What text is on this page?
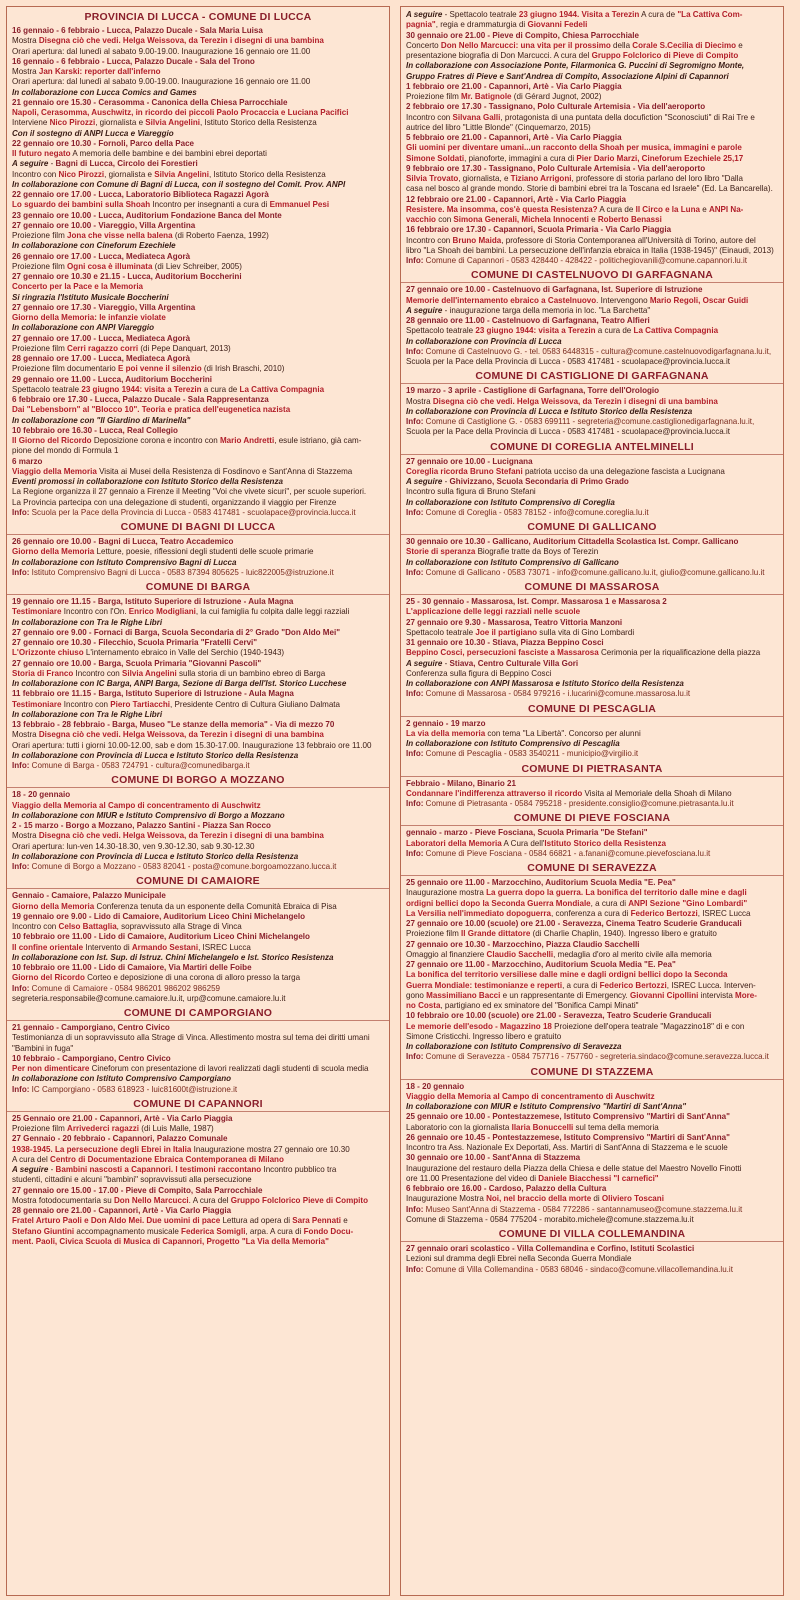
PROVINCIA DI LUCCA - COMUNE DI LUCCA

16 gennaio - 6 febbraio - Lucca, Palazzo Ducale - Sala Maria Luisa

Mostra Disegna ciò che vedi. Helga Weissova, da Terezin i disegni di una bambina

Orari apertura: dal lunedì al sabato 9.00-19.00. Inaugurazione 16 gennaio ore 11.00

16 gennaio - 6 febbraio - Lucca, Palazzo Ducale - Sala del Trono

Mostra Jan Karski: reporter dall'inferno

Orari apertura: dal lunedì al sabato 9.00-19.00. Inaugurazione 16 gennaio ore 11.00

In collaborazione con Lucca Comics and Games

21 gennaio ore 15.30 - Cerasomma - Canonica della Chiesa Parrocchiale

Napoli, Cerasomma, Auschwitz, in ricordo dei piccoli Paolo Procaccia e Luciana Pacifici

Interviene Nico Pirozzi, giornalista e Silvia Angelini, Istituto Storico della Resistenza

Con il sostegno di ANPI Lucca e Viareggio

22 gennaio ore 10.30 - Fornoli, Parco della Pace

Il futuro negato A memoria delle bambine e dei bambini ebrei deportati

A seguire - Bagni di Lucca, Circolo dei Forestieri

Incontro con Nico Pirozzi, giornalista e Silvia Angelini, Istituto Storico della Resistenza

In collaborazione con Comune di Bagni di Lucca, con il sostegno del Comit. Prov. ANPI

22 gennaio ore 17.00 - Lucca, Laboratorio Biblioteca Ragazzi Agorà

Lo sguardo dei bambini sulla Shoah Incontro per insegnanti a cura di Emmanuel Pesi

23 gennaio ore 10.00 - Lucca, Auditorium Fondazione Banca del Monte

27 gennaio ore 10.00 - Viareggio, Villa Argentina

Proiezione film Jona che visse nella balena (di Roberto Faenza, 1992)

In collaborazione con Cineforum Ezechiele

26 gennaio ore 17.00 - Lucca, Mediateca Agorà

Proiezione film Ogni cosa è illuminata (di Liev Schreiber, 2005)

27 gennaio ore 10.30 e 21.15 - Lucca, Auditorium Boccherini

Concerto per la Pace e la Memoria

Si ringrazia l'Istituto Musicale Boccherini

27 gennaio ore 17.30 - Viareggio, Villa Argentina

Giorno della Memoria: le infanzie violate

In collaborazione con ANPI Viareggio

27 gennaio ore 17.00 - Lucca, Mediateca Agorà

Proiezione film Cerri ragazzo corri (di Pepe Danquart, 2013)

28 gennaio ore 17.00 - Lucca, Mediateca Agorà

Proiezione film documentario E poi venne il silenzio (di Irish Braschi, 2010)

29 gennaio ore 11.00 - Lucca, Auditorium Boccherini

Spettacolo teatrale 23 giugno 1944: visita a Terezin a cura de La Cattiva Compagnia

6 febbraio ore 17.30 - Lucca, Palazzo Ducale - Sala Rappresentanza

Dai "Lebensborn" al "Blocco 10". Teoria e pratica dell'eugenetica nazista

In collaborazione con "Il Giardino di Marinella"

10 febbraio ore 16.30 - Lucca, Real Collegio

Il Giorno del Ricordo Deposizione corona e incontro con Mario Andretti, esule istriano, già cam-

pione del mondo di Formula 1

6 marzo

Viaggio della Memoria Visita ai Musei della Resistenza di Fosdinovo e Sant'Anna di Stazzema

Eventi promossi in collaborazione con Istituto Storico della Resistenza

La Regione organizza il 27 gennaio a Firenze il Meeting "Voi che vivete sicuri", per scuole superiori.

La Provincia partecipa con una delegazione di studenti, organizzando il viaggio per Firenze

Info: Scuola per la Pace della Provincia di Lucca - 0583 417481 - scuolapace@provincia.lucca.it

COMUNE DI BAGNI DI LUCCA

26 gennaio ore 10.00 - Bagni di Lucca, Teatro Accademico

Giorno della Memoria Letture, poesie, riflessioni degli studenti delle scuole primarie

In collaborazione con Istituto Comprensivo Bagni di Lucca

Info: Istituto Comprensivo Bagni di Lucca - 0583 87394 805625 - luic822005@istruzione.it

COMUNE DI BARGA

19 gennaio ore 11.15 - Barga, Istituto Superiore di Istruzione - Aula Magna

Testimoniare Incontro con l'On. Enrico Modigliani, la cui famiglia fu colpita dalle leggi razziali

In collaborazione con Tra le Righe Libri

27 gennaio ore 9.00 - Fornaci di Barga, Scuola Secondaria di 2° Grado "Don Aldo Mei"

27 gennaio ore 10.30 - Filecchio, Scuola Primaria "Fratelli Cervi"

L'Orizzonte chiuso L'internamento ebraico in Valle del Serchio (1940-1943)

27 gennaio ore 10.00 - Barga, Scuola Primaria "Giovanni Pascoli"

Storia di Franco Incontro con Silvia Angelini sulla storia di un bambino ebreo di Barga

In collaborazione con IC Barga, ANPI Barga, Sezione di Barga dell'Ist. Storico Lucchese

11 febbraio ore 11.15 - Barga, Istituto Superiore di Istruzione - Aula Magna

Testimoniare Incontro con Piero Tartiacchi, Presidente Centro di Cultura Giuliano Dalmata

In collaborazione con Tra le Righe Libri

13 febbraio - 28 febbraio - Barga, Museo "Le stanze della memoria" - Via di mezzo 70

Mostra Disegna ciò che vedi. Helga Weissova, da Terezin i disegni di una bambina

Orari apertura: tutti i giorni 10.00-12.00, sab e dom 15.30-17.00. Inaugurazione 13 febbraio ore 11.00

In collaborazione con Provincia di Lucca e Istituto Storico della Resistenza

Info: Comune di Barga - 0583 724791 - cultura@comunedibarga.it

COMUNE DI BORGO A MOZZANO

18 - 20 gennaio

Viaggio della Memoria al Campo di concentramento di Auschwitz

In collaborazione con MIUR e Istituto Comprensivo di Borgo a Mozzano

2 - 15 marzo - Borgo a Mozzano, Palazzo Santini - Piazza San Rocco

Mostra Disegna ciò che vedi. Helga Weissova, da Terezin i disegni di una bambina

Orari apertura: lun-ven 14.30-18.30, ven 9.30-12.30, sab 9.30-12.30

In collaborazione con Provincia di Lucca e Istituto Storico della Resistenza

Info: Comune di Borgo a Mozzano - 0583 82041 - posta@comune.borgoamozzano.lucca.it

COMUNE DI CAMAIORE

Gennaio - Camaiore, Palazzo Municipale

Giorno della Memoria Conferenza tenuta da un esponente della Comunità Ebraica di Pisa

19 gennaio ore 9.00 - Lido di Camaiore, Auditorium Liceo Chini Michelangelo

Incontro con Celso Battaglia, sopravvissuto alla Strage di Vinca

10 febbraio ore 11.00 - Lido di Camaiore, Auditorium Liceo Chini Michelangelo

Il confine orientale Intervento di Armando Sestani, ISREC Lucca

In collaborazione con Ist. Sup. di Istruz. Chini Michelangelo e Ist. Storico Resistenza

10 febbraio ore 11.00 - Lido di Camaiore, Via Martiri delle Foibe

Giorno del Ricordo Corteo e deposizione di una corona di alloro presso la targa

Info: Comune di Camaiore - 0584 986201 986202 986259

segreteria.responsabile@comune.camaiore.lu.it, urp@comune.camaiore.lu.it

COMUNE DI CAMPORGIANO

21 gennaio - Camporgiano, Centro Civico

Testimonianza di un sopravvissuto alla Strage di Vinca. Allestimento mostra sul tema dei diritti umani

"Bambini in fuga"

10 febbraio - Camporgiano, Centro Civico

Per non dimenticare Cineforum con presentazione di lavori realizzati dagli studenti di scuola media

In collaborazione con Istituto Comprensivo Camporgiano

Info: IC Camporgiano - 0583 618923 - luic81600t@istruzione.it

COMUNE DI CAPANNORI

25 Gennaio ore 21.00 - Capannori, Artè - Via Carlo Piaggia

Proiezione film Arrivederci ragazzi (di Luis Malle, 1987)

27 Gennaio - 20 febbraio - Capannori, Palazzo Comunale

1938-1945. La persecuzione degli Ebrei in Italia Inaugurazione mostra 27 gennaio ore 10.30

A cura del Centro di Documentazione Ebraica Contemporanea di Milano

A seguire - Bambini nascosti a Capannori. I testimoni raccontano Incontro pubblico tra

studenti, cittadini e alcuni "bambini" sopravvissuti alla persecuzione

27 gennaio ore 15.00 - 17.00 - Pieve di Compito, Sala Parrocchiale

Mostra fotodocumentaria su Don Nello Marcucci. A cura del Gruppo Folclorico Pieve di Compito

28 gennaio ore 21.00 - Capannori, Artè - Via Carlo Piaggia

Fratel Arturo Paoli e Don Aldo Mei. Due uomini di pace Lettura ad opera di Sara Pennati e

Stefano Giuntini accompagnamento musicale Federica Somigli, arpa. A cura di Fondo Docu-

ment. Paoli, Civica Scuola di Musica di Capannori, Progetto "La Via della Memoria"

A seguire - Spettacolo teatrale 23 giugno 1944. Visita a Terezin A cura de "La Cattiva Com-

pagnia", regia e drammaturgia di Giovanni Fedeli

30 gennaio ore 21.00 - Pieve di Compito, Chiesa Parrocchiale

Concerto Don Nello Marcucci: una vita per il prossimo della Corale S.Cecilia di Diecimo e

presentazione biografia di Don Marcucci. A cura del Gruppo Folclorico di Pieve di Compito

In collaborazione con Associazione Ponte, Filarmonica G. Puccini di Segromigno Monte,

Gruppo Fratres di Pieve e Sant'Andrea di Compito, Associazione Alpini di Capannori

1 febbraio ore 21.00 - Capannori, Artè - Via Carlo Piaggia

Proiezione film Mr. Batignole (di Gérard Jugnot, 2002)

2 febbraio ore 17.30 - Tassignano, Polo Culturale Artemisia - Via dell'aeroporto

Incontro con Silvana Galli, protagonista di una puntata della docufiction "Sconosciuti" di Rai Tre e

autrice del libro "Little Blonde" (Cinquemarzo, 2015)

5 febbraio ore 21.00 - Capannori, Artè - Via Carlo Piaggia

Gli uomini per diventare umani...un racconto della Shoah per musica, immagini e parole

Simone Soldati, pianoforte, immagini a cura di Pier Dario Marzi, Cineforum Ezechiele 25,17

9 febbraio ore 17.30 - Tassignano, Polo Culturale Artemisia - Via dell'aeroporto

Silvia Trovato, giornalista, e Tiziano Arrigoni, professore di storia parlano del loro libro "Dalla

casa nel bosco al grande mondo. Storie di bambini ebrei tra la Toscana ed Israele" (Ed. La Bancarella).

12 febbraio ore 21.00 - Capannori, Artè - Via Carlo Piaggia

Resistere. Ma insomma, cos'è questa Resistenza? A cura de Il Circo e la Luna e ANPI Na-

vacchio con Simona Generali, Michela Innocenti e Roberto Benassi

16 febbraio ore 17.30 - Capannori, Scuola Primaria - Via Carlo Piaggia

Incontro con Bruno Maida, professore di Storia Contemporanea all'Università di Torino, autore del

libro "La Shoah dei bambini. La persecuzione dell'infanzia ebraica in Italia (1938-1945)" (Einaudi, 2013)

Info: Comune di Capannori - 0583 428440 - 428422 - politichegiovanili@comune.capannori.lu.it

COMUNE DI CASTELNUOVO DI GARFAGNANA

27 gennaio ore 10.00 - Castelnuovo di Garfagnana, Ist. Superiore di Istruzione

Memorie dell'internamento ebraico a Castelnuovo. Intervengono Mario Regoli, Oscar Guidi

A seguire - inaugurazione targa della memoria in loc. "La Barchetta"

28 gennaio ore 11.00 - Castelnuovo di Garfagnana, Teatro Alfieri

Spettacolo teatrale 23 giugno 1944: visita a Terezin a cura de La Cattiva Compagnia

In collaborazione con Provincia di Lucca

Info: Comune di Castelnuovo G. - tel. 0583 6448315 - cultura@comune.castelnuovodigarfagnana.lu.it,

Scuola per la Pace della Provincia di Lucca - 0583 417481 - scuolapace@provincia.lucca.it

COMUNE DI CASTIGLIONE DI GARFAGNANA

19 marzo - 3 aprile - Castiglione di Garfagnana, Torre dell'Orologio

Mostra Disegna ciò che vedi. Helga Weissova, da Terezin i disegni di una bambina

In collaborazione con Provincia di Lucca e Istituto Storico della Resistenza

Info: Comune di Castiglione G. - 0583 699111 - segreteria@comune.castiglionedigarfagnana.lu.it,

Scuola per la Pace della Provincia di Lucca - 0583 417481 - scuolapace@provincia.lucca.it

COMUNE DI COREGLIA ANTELMINELLI

27 gennaio ore 10.00 - Lucignana

Coreglia ricorda Bruno Stefani patriota ucciso da una delegazione fascista a Lucignana

A seguire - Ghivizzano, Scuola Secondaria di Primo Grado

Incontro sulla figura di Bruno Stefani

In collaborazione con Istituto Comprensivo di Coreglia

Info: Comune di Coreglia - 0583 78152 - info@comune.coreglia.lu.it

COMUNE DI GALLICANO

30 gennaio ore 10.30 - Gallicano, Auditorium Cittadella Scolastica Ist. Compr. Gallicano

Storie di speranza Biografie tratte da Boys of Terezin

In collaborazione con Istituto Comprensivo di Gallicano

Info: Comune di Gallicano - 0583 73071 - info@comune.gallicano.lu.it, giulio@comune.gallicano.lu.it

COMUNE DI MASSAROSA

25 - 30 gennaio - Massarosa, Ist. Compr. Massarosa 1 e Massarosa 2

L'applicazione delle leggi razziali nelle scuole

27 gennaio ore 9.30 - Massarosa, Teatro Vittoria Manzoni

Spettacolo teatrale Joe il partigiano sulla vita di Gino Lombardi

31 gennaio ore 10.30 - Stiava, Piazza Beppino Cosci

Beppino Cosci, persecuzioni fasciste a Massarosa Cerimonia per la riqualificazione della piazza

A seguire - Stiava, Centro Culturale Villa Gori

Conferenza sulla figura di Beppino Cosci

In collaborazione con ANPI Massarosa e Istituto Storico della Resistenza

Info: Comune di Massarosa - 0584 979216 - i.lucarini@comune.massarosa.lu.it

COMUNE DI PESCAGLIA

2 gennaio - 19 marzo

La via della memoria con tema "La Libertà". Concorso per alunni

In collaborazione con Istituto Comprensivo di Pescaglia

Info: Comune di Pescaglia - 0583 3540211 - municipio@virgilio.it

COMUNE DI PIETRASANTA

Febbraio - Milano, Binario 21

Condannare l'indifferenza attraverso il ricordo Visita al Memoriale della Shoah di Milano

Info: Comune di Pietrasanta - 0584 795218 - presidente.consiglio@comune.pietrasanta.lu.it

COMUNE DI PIEVE FOSCIANA

gennaio - marzo - Pieve Fosciana, Scuola Primaria "De Stefani"

Laboratori della Memoria A Cura dell'Istituto Storico della Resistenza

Info: Comune di Pieve Fosciana - 0584 66821 - a.fanani@comune.pievefosciana.lu.it

COMUNE DI SERAVEZZA

25 gennaio ore 11.00 - Marzocchino, Auditorium Scuola Media "E. Pea"

Inaugurazione mostra La guerra dopo la guerra. La bonifica del territorio dalle mine e dagli

ordigni bellici dopo la Seconda Guerra Mondiale, a cura di ANPI Sezione "Gino Lombardi"

La Versilia nell'immediato dopoguerra, conferenza a cura di Federico Bertozzi, ISREC Lucca

27 gennaio ore 10.00 (scuole) ore 21.00 - Seravezza, Cinema Teatro Scuderie Granducali

Proiezione film Il Grande dittatore (di Charlie Chaplin, 1940). Ingresso libero e gratuito

27 gennaio ore 10.30 - Marzocchino, Piazza Claudio Sacchelli

Omaggio al finanziere Claudio Sacchelli, medaglia d'oro al merito civile alla memoria

27 gennaio ore 11.00 - Marzocchino, Auditorium Scuola Media "E. Pea"

La bonifica del territorio versiliese dalle mine e dagli ordigni bellici dopo la Seconda

Guerra Mondiale: testimonianze e reperti, a cura di Federico Bertozzi, ISREC Lucca. Interven-

gono Massimiliano Bacci e un rappresentante di Emergency. Giovanni Cipollini intervista More-

no Costa, partigiano ed ex sminatore del "Bonifica Campi Minati"

10 febbraio ore 10.00 (scuole) ore 21.00 - Seravezza, Teatro Scuderie Granducali

Le memorie dell'esodo - Magazzino 18 Proiezione dell'opera teatrale "Magazzino18" di e con

Simone Cristicchi. Ingresso libero e gratuito

In collaborazione con Istituto Comprensivo di Seravezza

Info: Comune di Seravezza - 0584 757716 - 757760 - segreteria.sindaco@comune.seravezza.lucca.it

COMUNE DI STAZZEMA

18 - 20 gennaio

Viaggio della Memoria al Campo di concentramento di Auschwitz

In collaborazione con MIUR e Istituto Comprensivo "Martiri di Sant'Anna"

25 gennaio ore 10.00 - Pontestazzemese, Istituto Comprensivo "Martiri di Sant'Anna"

Laboratorio con la giornalista Ilaria Bonuccelli sul tema della memoria

26 gennaio ore 10.45 - Pontestazzemese, Istituto Comprensivo "Martiri di Sant'Anna"

Incontro tra Ass. Nazionale Ex Deportati, Ass. Martiri di Sant'Anna di Stazzema e le scuole

30 gennaio ore 10.00 - Sant'Anna di Stazzema

Inaugurazione del restauro della Piazza della Chiesa e delle statue del Maestro Novello Finotti

ore 11.00 Presentazione del video di Daniele Biacchessi "I carnefici"

6 febbraio ore 16.00 - Cardoso, Palazzo della Cultura

Inaugurazione Mostra Noi, nel braccio della morte di Oliviero Toscani

Info: Museo Sant'Anna di Stazzema - 0584 772286 - santannamuseo@comune.stazzema.lu.it

Comune di Stazzema - 0584 775204 - morabito.michele@comune.stazzema.lu.it

COMUNE DI VILLA COLLEMANDINA

27 gennaio orari scolastico - Villa Collemandina e Corfino, Istituti Scolastici

Lezioni sul dramma degli Ebrei nella Seconda Guerra Mondiale

Info: Comune di Villa Collemandina - 0583 68046 - sindaco@comune.villacollemandina.lu.it
